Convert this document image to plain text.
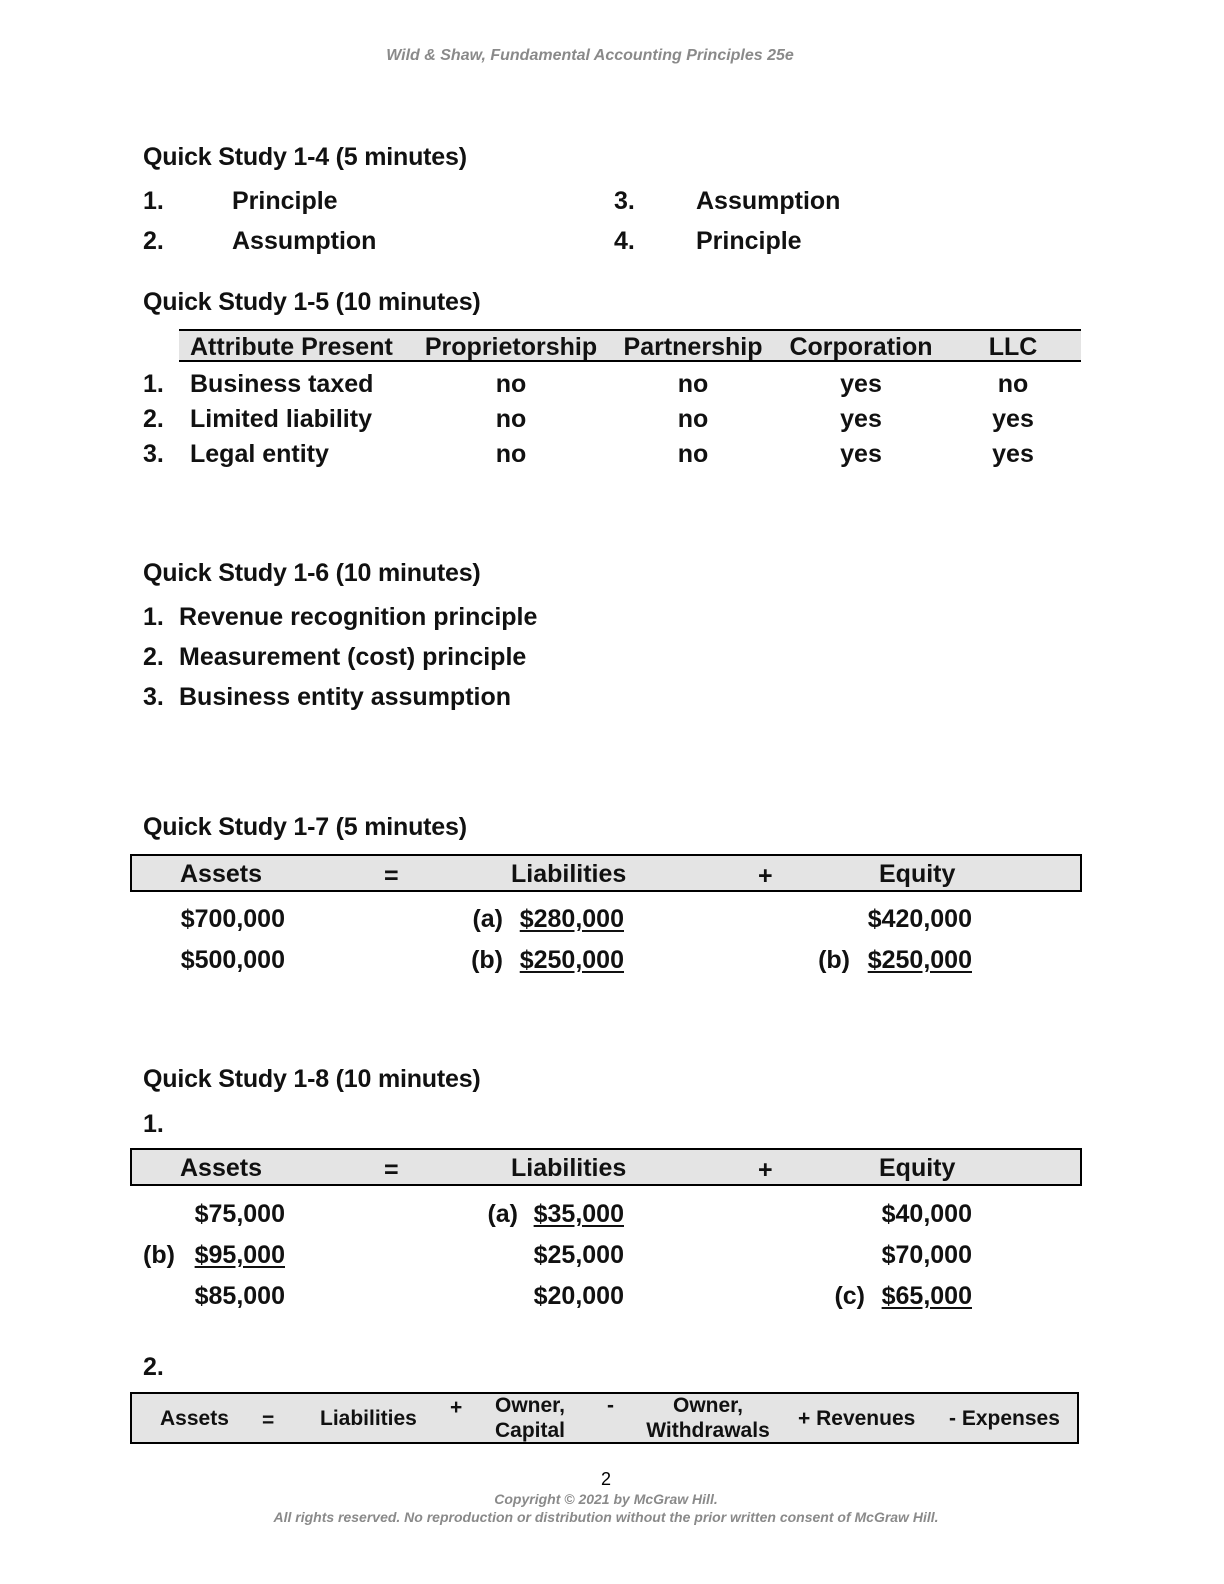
Wild & Shaw, Fundamental Accounting Principles 25e
Quick Study 1-4 (5 minutes)
1.	Principle
2.	Assumption
3. Assumption
4. Principle
Quick Study 1-5 (10 minutes)
Attribute Present	Proprietorship	Partnership	Corporation	LLC
1. Business taxed	no	no	yes	no
2. Limited liability	no	no	yes	yes
3. Legal entity	no	no	yes	yes
Quick Study 1-6 (10 minutes)
1. Revenue recognition principle
2. Measurement (cost) principle
3. Business entity assumption
Quick Study 1-7 (5 minutes)
Assets	=	Liabilities	+	Equity
$700,000	(a) $280,000	$420,000
$500,000	(b) $250,000	(b) $250,000
Quick Study 1-8 (10 minutes)
1.
Assets	=	Liabilities	+	Equity
$75,000	(a) $35,000	$40,000
(b) $95,000	$25,000	$70,000
$85,000	$20,000	(c) $65,000
2.
Assets = Liabilities +	Owner,
Capital
-	Owner,
Withdrawals
+ Revenues - Expenses
2
Copyright © 2021 by McGraw Hill.
All rights reserved. No reproduction or distribution without the prior written consent of McGraw Hill.
